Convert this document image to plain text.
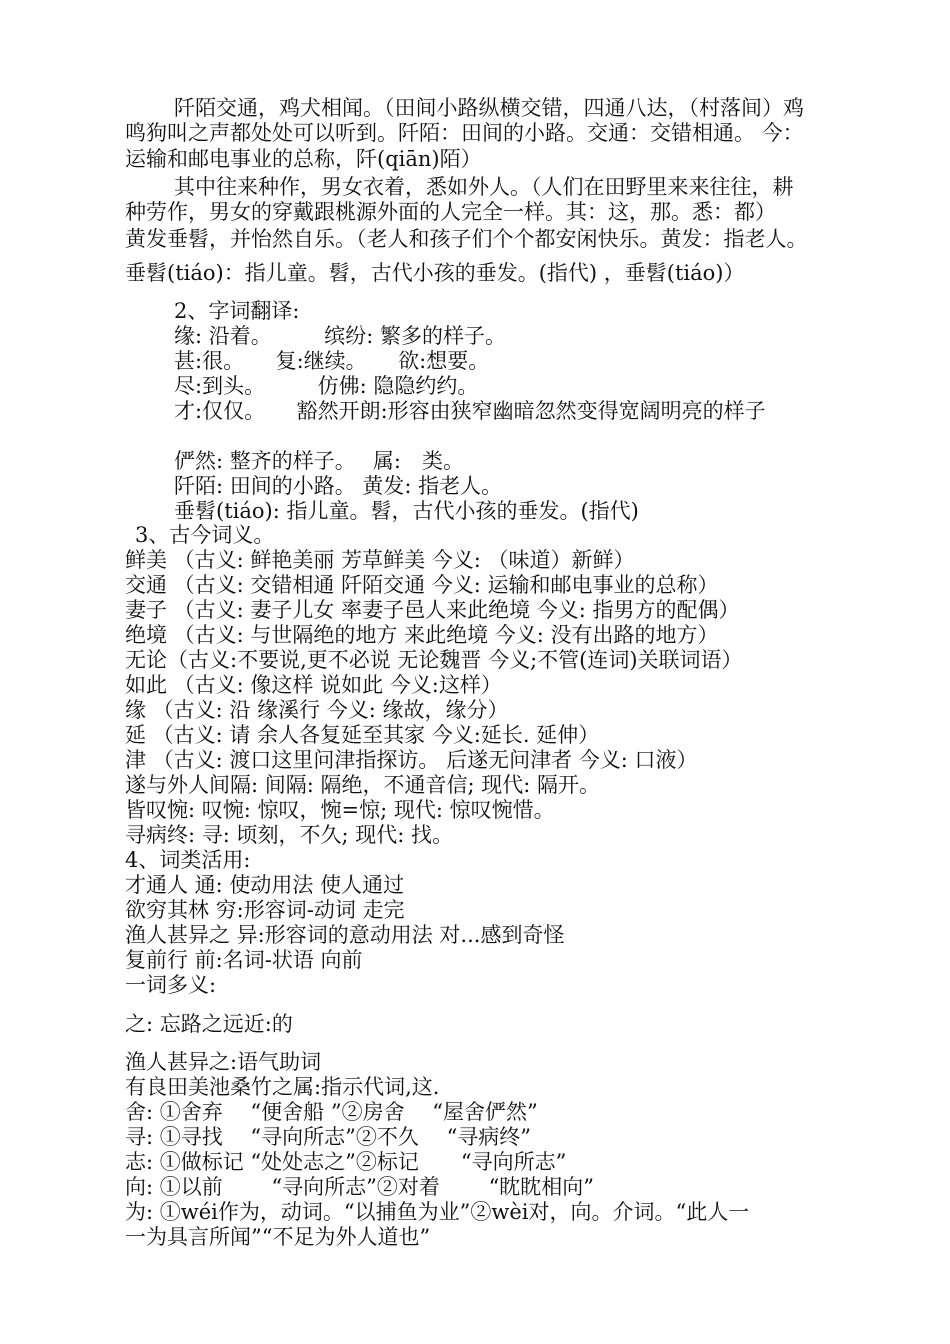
阡陌交通，鸡犬相闻。（田间小路纵横交错，四通八达，（村落间）鸡
鸣狗叫之声都处处可以听到。阡陌：田间的小路。交通：交错相通。 今：
运输和邮电事业的总称，阡(qiān)陌）
其中往来种作，男女衣着，悉如外人。（人们在田野里来来往往，耕
种劳作，男女的穿戴跟桃源外面的人完全一样。其：这，那。悉：都）
黄发垂髫，并怡然自乐。（老人和孩子们个个都安闲快乐。黄发：指老人。
垂髫(tiáo)：指儿童。髫，古代小孩的垂发。(指代) ，垂髫(tiáo)）
2、字词翻译:
缘: 沿着。　　　缤纷: 繁多的样子。
甚:很。　　复:继续。　　欲:想要。
尽:到头。　　　仿佛: 隐隐约约。
才:仅仅。　　豁然开朗:形容由狭窄幽暗忽然变得宽阔明亮的样子
俨然: 整齐的样子。　 属:　类。
阡陌: 田间的小路。 黄发: 指老人。
垂髫(tiáo): 指儿童。髫，古代小孩的垂发。(指代)
3、古今词义。
鲜美 （古义: 鲜艳美丽 芳草鲜美 今义: （味道）新鲜）
交通 （古义: 交错相通 阡陌交通 今义: 运输和邮电事业的总称）
妻子 （古义: 妻子儿女 率妻子邑人来此绝境 今义: 指男方的配偶）
绝境 （古义: 与世隔绝的地方 来此绝境 今义: 没有出路的地方）
无论（古义:不要说,更不必说 无论魏晋 今义;不管(连词)关联词语）
如此 （古义: 像这样 说如此 今义:这样）
缘 （古义: 沿 缘溪行 今义: 缘故，缘分）
延 （古义: 请 余人各复延至其家 今义:延长. 延伸）
津 （古义: 渡口这里问津指探访。 后遂无问津者 今义: 口液）
遂与外人间隔: 间隔: 隔绝，不通音信; 现代: 隔开。
皆叹惋: 叹惋: 惊叹，惋=惊; 现代: 惊叹惋惜。
寻病终: 寻: 顷刻，不久; 现代: 找。
4、词类活用:
才通人 通: 使动用法 使人通过
欲穷其林 穷:形容词-动词 走完
渔人甚异之 异:形容词的意动用法 对...感到奇怪
复前行 前:名词-状语 向前
一词多义:
之: 忘路之远近:的
渔人甚异之:语气助词
有良田美池桑竹之属:指示代词,这.
舍: ①舍弃　 “便舍船 ”②房舍　 “屋舍俨然”
寻: ①寻找　 “寻向所志”②不久　 “寻病终”
志: ①做标记 “处处志之”②标记　　“寻向所志”
向: ①以前　　 “寻向所志”②对着　　 “眈眈相向”
为: ①wéi作为，动词。“以捕鱼为业”②wèi对，向。介词。“此人一
一为具言所闻”“不足为外人道也”
